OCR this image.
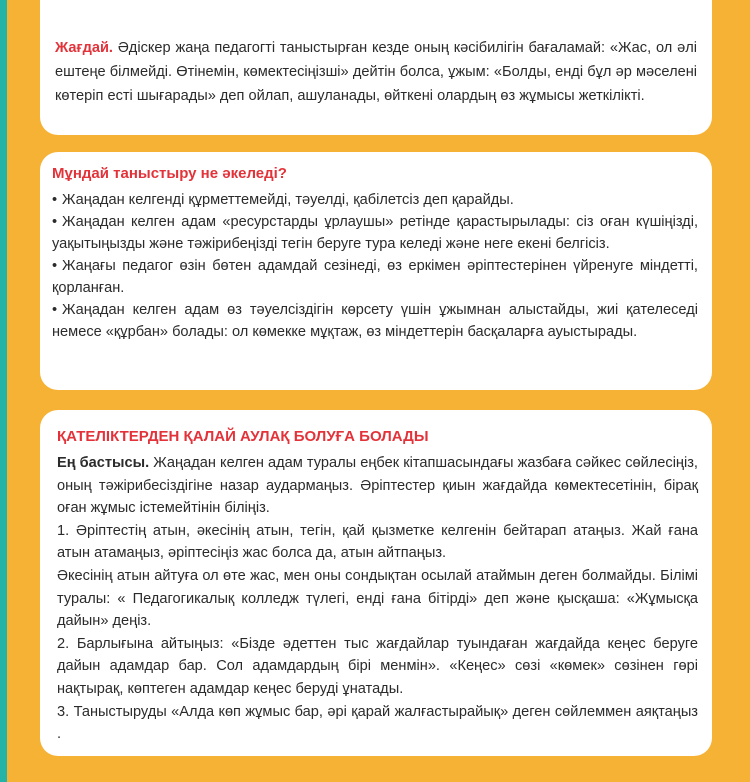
Жағдай. Әдіскер жаңа педагогті таныстырған кезде оның кәсібилігін бағаламай: «Жас, ол әлі ештеңе білмейді. Өтінемін, көмектесіңізші» дейтін болса, ұжым: «Болды, енді бұл әр мәселені көтеріп есті шығарады» деп ойлап, ашуланады, өйткені олардың өз жұмысы жеткілікті.

Мұндай таныстыру не әкеледі?
• Жаңадан келгенді құрметтемейді, тәуелді, қабілетсіз деп қарайды.
• Жаңадан келген адам «ресурстарды ұрлаушы» ретінде қарастырылады: сіз оған күшіңізді, уақытыңызды және тәжірибеңізді тегін беруге тура келеді және неге екені белгісіз.
• Жаңағы педагог өзін бөтен адамдай сезінеді, өз еркімен әріптестерінен үйренуге міндетті, қорланған.
• Жаңадан келген адам өз тәуелсіздігін көрсету үшін ұжымнан алыстайды, жиі қателеседі немесе «құрбан» болады: ол көмекке мұқтаж, өз міндеттерін басқаларға ауыстырады.
ҚАТЕЛІКТЕРДЕН ҚАЛАЙ АУЛАҚ БОЛУҒА БОЛАДЫ

Ең бастысы. Жаңадан келген адам туралы еңбек кітапшасындағы жазбаға сәйкес сөйлесіңіз, оның тәжірибесіздігіне назар аудармаңыз. Әріптестер қиын жағдайда көмектесетінін, бірақ оған жұмыс істемейтінін біліңіз.

1. Әріптестің атын, әкесінің атын, тегін, қай қызметке келгенін бейтарап атаңыз. Жай ғана атын атамаңыз, әріптесіңіз жас болса да, атын айтпаңыз.

Әкесінің атын айтуға ол өте жас, мен оны сондықтан осылай атаймын деген болмайды. Білімі туралы: « Педагогикалық колледж түлегі, енді ғана бітірді» деп және қысқаша: «Жұмысқа дайын» деңіз.

2. Барлығына айтыңыз: «Бізде әдеттен тыс жағдайлар туындаған жағдайда кеңес беруге дайын адамдар бар. Сол адамдардың бірі менмін». «Кеңес» сөзі «көмек» сөзінен гөрі нақтырақ, көптеген адамдар кеңес беруді ұнатады.

3. Таныстыруды «Алда көп жұмыс бар, әрі қарай жалғастырайық» деген сөйлеммен аяқтаңыз .
